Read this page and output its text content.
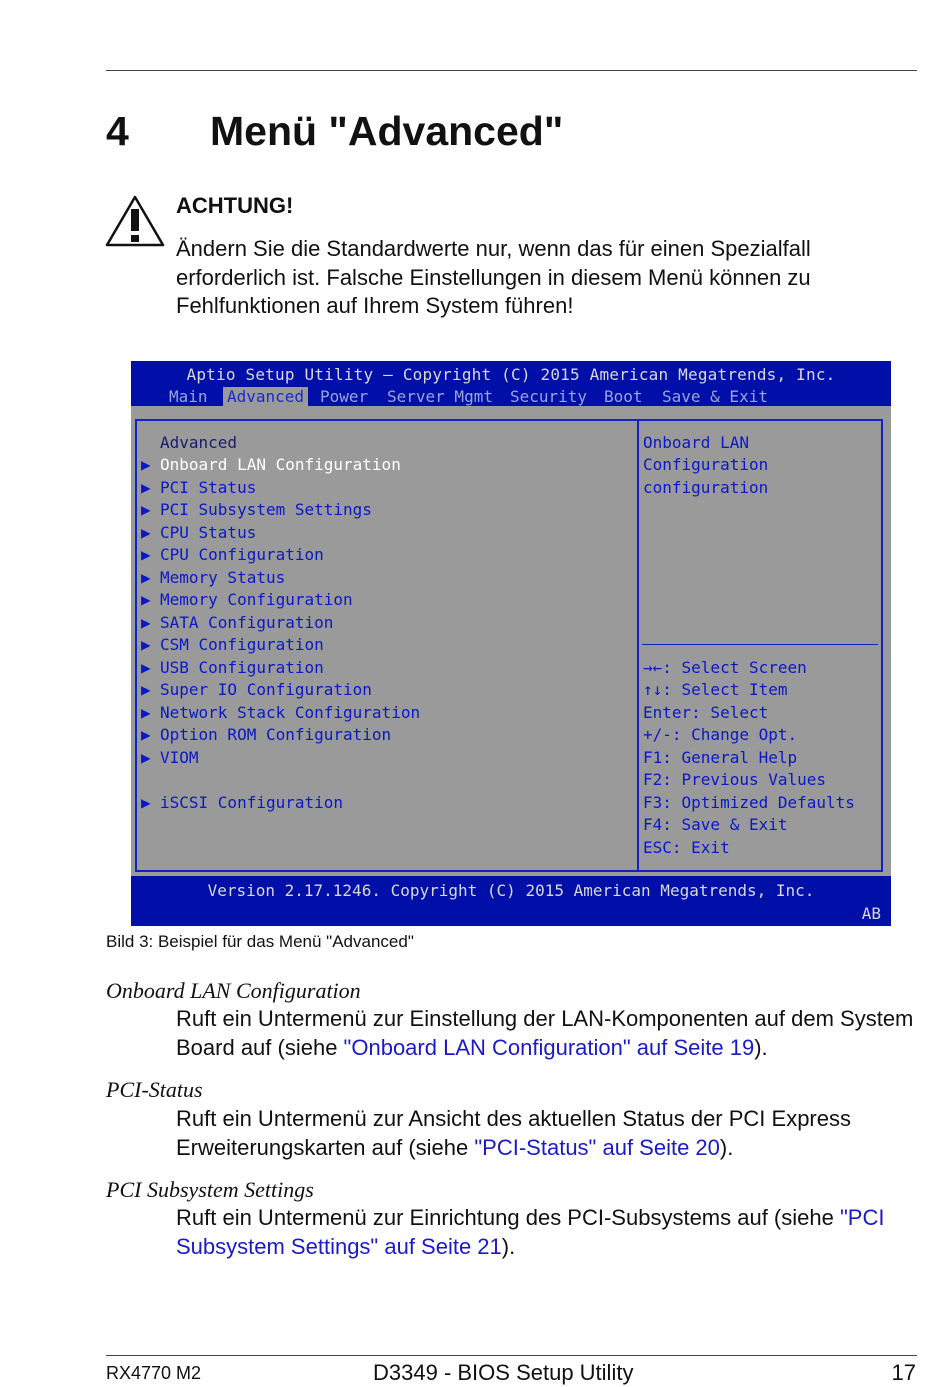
4 Menü "Advanced"
ACHTUNG!
Ändern Sie die Standardwerte nur, wenn das für einen Spezialfall erforderlich ist. Falsche Einstellungen in diesem Menü können zu Fehlfunktionen auf Ihrem System führen!
Aptio Setup Utility – Copyright (C) 2015 American Megatrends, Inc.
Main Advanced Power Server Mgmt Security Boot Save & Exit
Advanced
▶ Onboard LAN Configuration
▶ PCI Status
▶ PCI Subsystem Settings
▶ CPU Status
▶ CPU Configuration
▶ Memory Status
▶ Memory Configuration
▶ SATA Configuration
▶ CSM Configuration
▶ USB Configuration
▶ Super IO Configuration
▶ Network Stack Configuration
▶ Option ROM Configuration
▶ VIOM
▶ iSCSI Configuration
Onboard LAN
Configuration
configuration
→←: Select Screen
↑↓: Select Item
Enter: Select
+/-: Change Opt.
F1: General Help
F2: Previous Values
F3: Optimized Defaults
F4: Save & Exit
ESC: Exit
Version 2.17.1246. Copyright (C) 2015 American Megatrends, Inc.
AB
Bild 3: Beispiel für das Menü "Advanced"
Onboard LAN Configuration
Ruft ein Untermenü zur Einstellung der LAN-Komponenten auf dem System Board auf (siehe "Onboard LAN Configuration" auf Seite 19).
PCI-Status
Ruft ein Untermenü zur Ansicht des aktuellen Status der PCI Express Erweiterungskarten auf (siehe "PCI-Status" auf Seite 20).
PCI Subsystem Settings
Ruft ein Untermenü zur Einrichtung des PCI-Subsystems auf (siehe "PCI Subsystem Settings" auf Seite 21).
RX4770 M2	D3349 - BIOS Setup Utility	17
